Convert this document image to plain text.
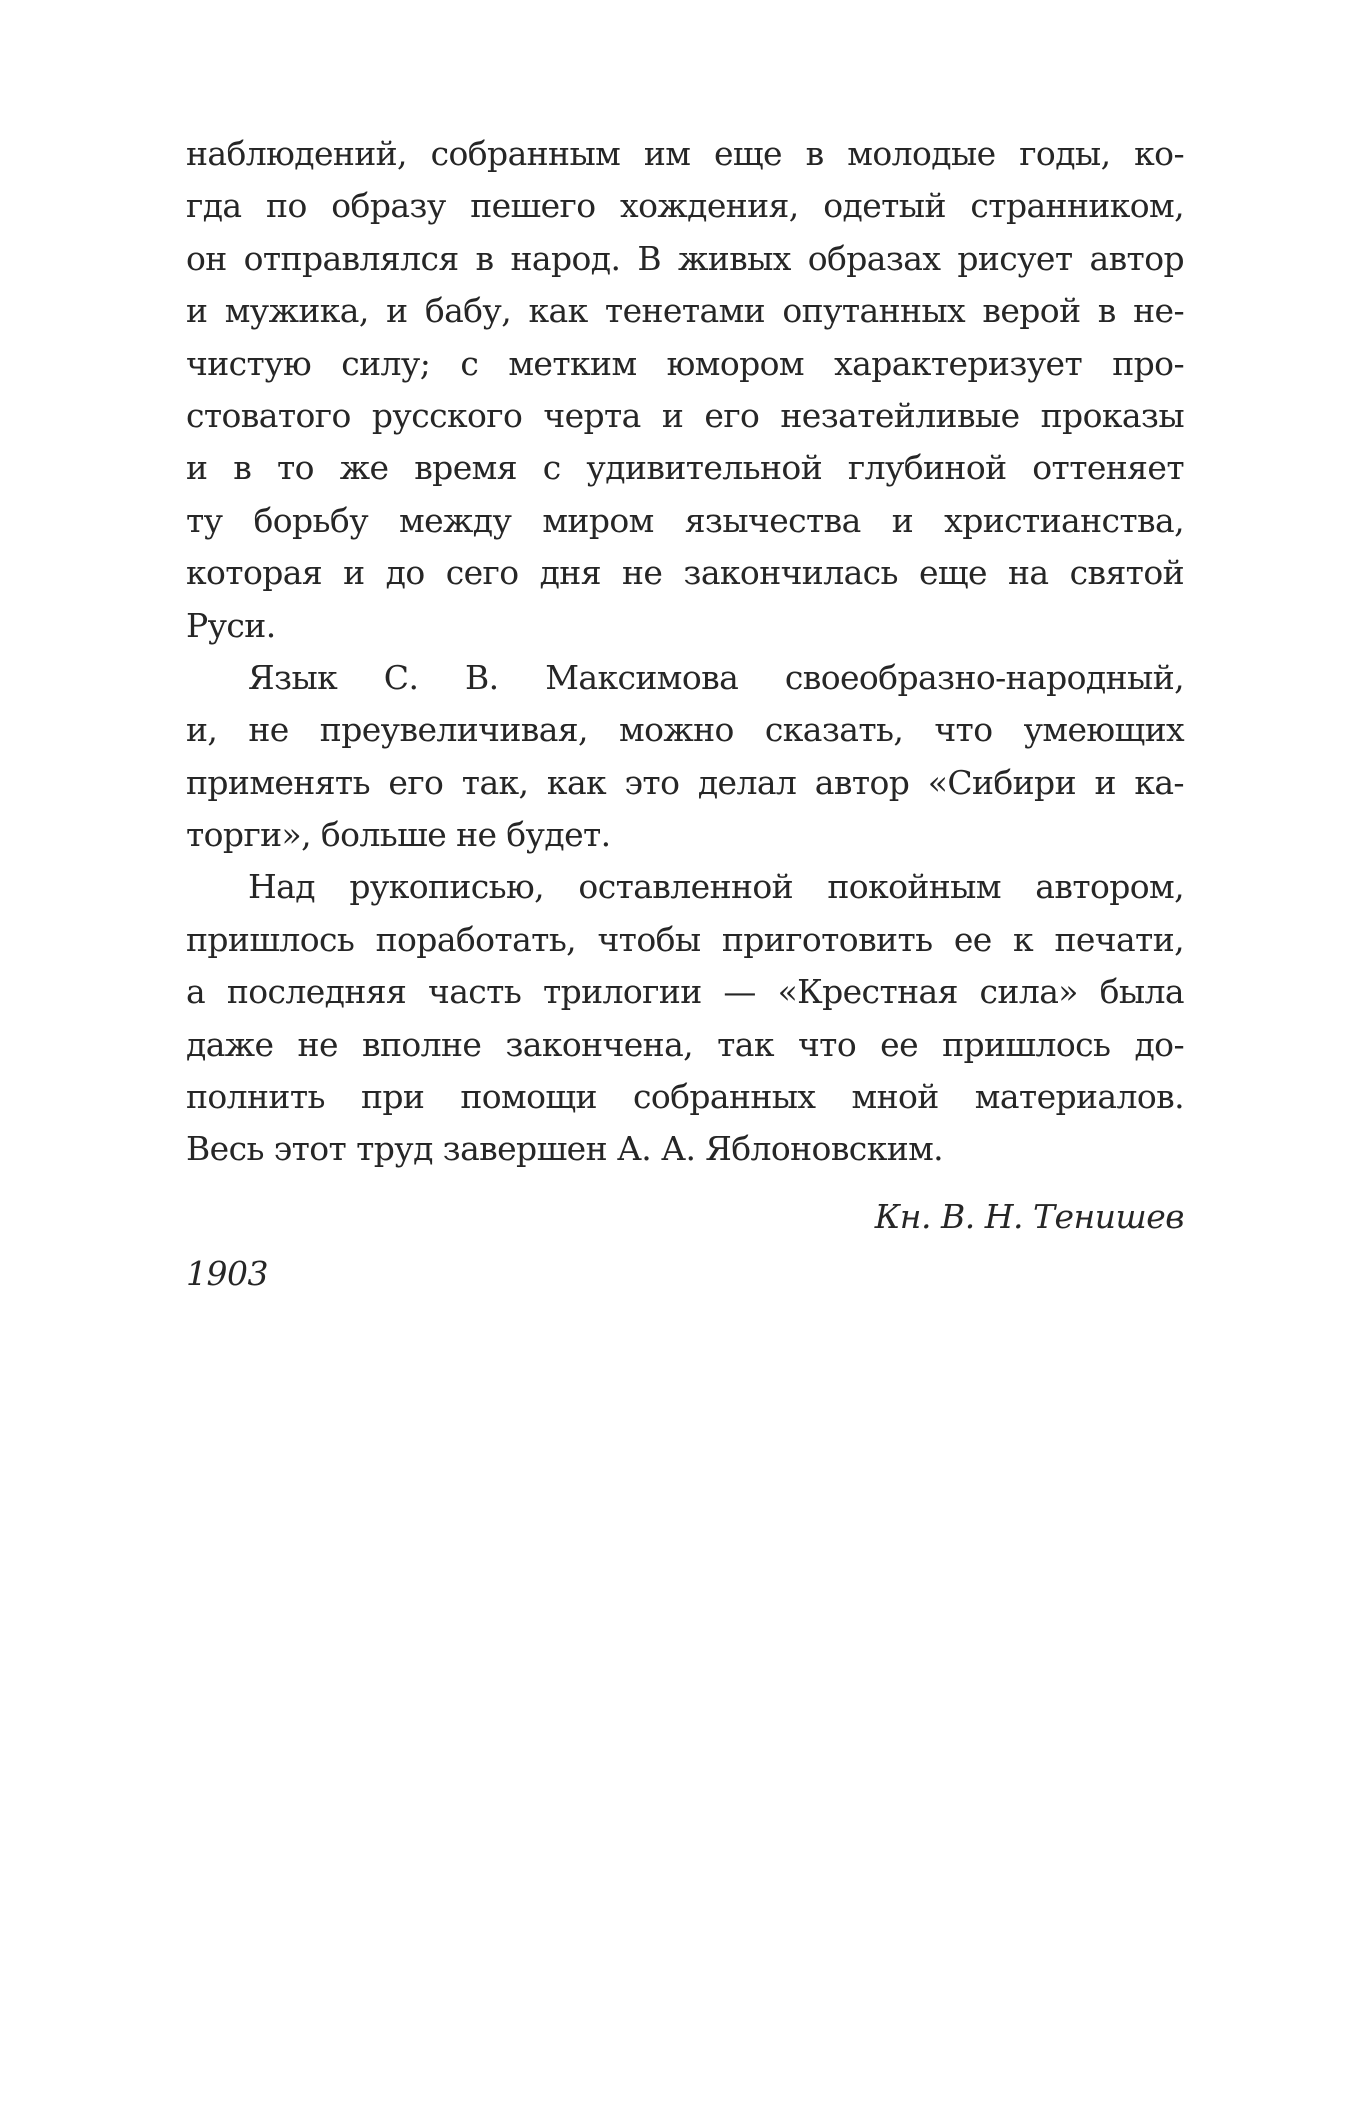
наблюдений, собранным им еще в молодые годы, ко-
гда по образу пешего хождения, одетый странником,
он отправлялся в народ. В живых образах рисует автор
и мужика, и бабу, как тенетами опутанных верой в не-
чистую силу; с метким юмором характеризует про-
стоватого русского черта и его незатейливые проказы
и в то же время с удивительной глубиной оттеняет
ту борьбу между миром язычества и христианства,
которая и до сего дня не закончилась еще на святой
Руси.
Язык С. В. Максимова своеобразно-народный,
и, не преувеличивая, можно сказать, что умеющих
применять его так, как это делал автор «Сибири и ка-
торги», больше не будет.
Над рукописью, оставленной покойным автором,
пришлось поработать, чтобы приготовить ее к печати,
а последняя часть трилогии — «Крестная сила» была
даже не вполне закончена, так что ее пришлось до-
полнить при помощи собранных мной материалов.
Весь этот труд завершен А. А. Яблоновским.
Кн. В. Н. Тенишев
1903
